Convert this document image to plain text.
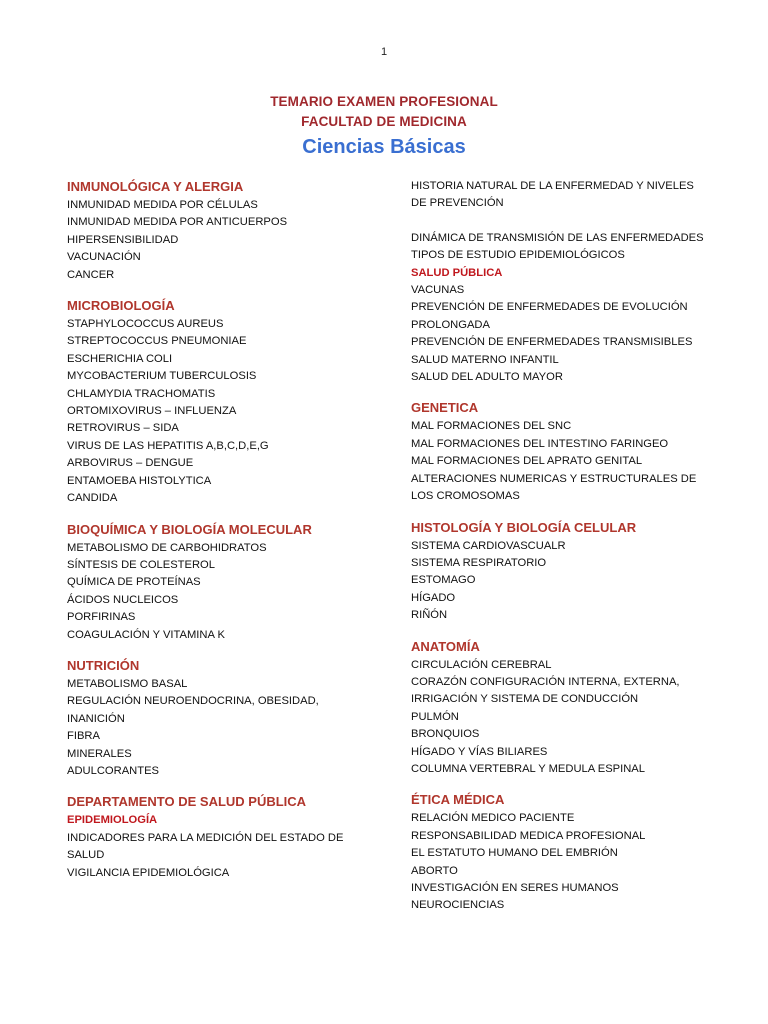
1
TEMARIO EXAMEN PROFESIONAL
FACULTAD DE MEDICINA
Ciencias Básicas
INMUNOLÓGICA Y ALERGIA
INMUNIDAD MEDIDA POR CÉLULAS
INMUNIDAD MEDIDA POR ANTICUERPOS
HIPERSENSIBILIDAD
VACUNACIÓN
CANCER
MICROBIOLOGÍA
STAPHYLOCOCCUS AUREUS
STREPTOCOCCUS PNEUMONIAE
ESCHERICHIA COLI
MYCOBACTERIUM TUBERCULOSIS
CHLAMYDIA TRACHOMATIS
ORTOMIXOVIRUS – INFLUENZA
RETROVIRUS – SIDA
VIRUS DE LAS HEPATITIS A,B,C,D,E,G
ARBOVIRUS – DENGUE
ENTAMOEBA HISTOLYTICA
CANDIDA
BIOQUÍMICA Y BIOLOGÍA MOLECULAR
METABOLISMO DE CARBOHIDRATOS
SÍNTESIS DE COLESTEROL
QUÍMICA DE PROTEÍNAS
ÁCIDOS NUCLEICOS
PORFIRINAS
COAGULACIÓN Y VITAMINA K
NUTRICIÓN
METABOLISMO BASAL
REGULACIÓN NEUROENDOCRINA, OBESIDAD,
INANICIÓN
FIBRA
MINERALES
ADULCORANTES
DEPARTAMENTO DE SALUD PÚBLICA
EPIDEMIOLOGÍA
INDICADORES PARA LA MEDICIÓN DEL ESTADO DE
SALUD
VIGILANCIA EPIDEMIOLÓGICA
HISTORIA NATURAL DE LA ENFERMEDAD Y NIVELES
DE PREVENCIÓN
DINÁMICA DE TRANSMISIÓN DE LAS ENFERMEDADES
TIPOS DE ESTUDIO EPIDEMIOLÓGICOS
SALUD PÚBLICA
VACUNAS
PREVENCIÓN DE ENFERMEDADES DE EVOLUCIÓN
PROLONGADA
PREVENCIÓN DE ENFERMEDADES TRANSMISIBLES
SALUD MATERNO INFANTIL
SALUD DEL ADULTO MAYOR
GENETICA
MAL FORMACIONES DEL SNC
MAL FORMACIONES DEL INTESTINO FARINGEO
MAL FORMACIONES DEL APRATO GENITAL
ALTERACIONES NUMERICAS Y ESTRUCTURALES DE
LOS CROMOSOMAS
HISTOLOGÍA Y BIOLOGÍA CELULAR
SISTEMA CARDIOVASCUALR
SISTEMA RESPIRATORIO
ESTOMAGO
HÍGADO
RIÑÓN
ANATOMÍA
CIRCULACIÓN CEREBRAL
CORAZÓN CONFIGURACIÓN INTERNA, EXTERNA,
IRRIGACIÓN Y SISTEMA DE CONDUCCIÓN
PULMÓN
BRONQUIOS
HÍGADO Y VÍAS BILIARES
COLUMNA VERTEBRAL Y MEDULA ESPINAL
ÉTICA MÉDICA
RELACIÓN MEDICO PACIENTE
RESPONSABILIDAD MEDICA PROFESIONAL
EL ESTATUTO HUMANO DEL EMBRIÓN
ABORTO
INVESTIGACIÓN EN SERES HUMANOS
NEUROCIENCIAS
